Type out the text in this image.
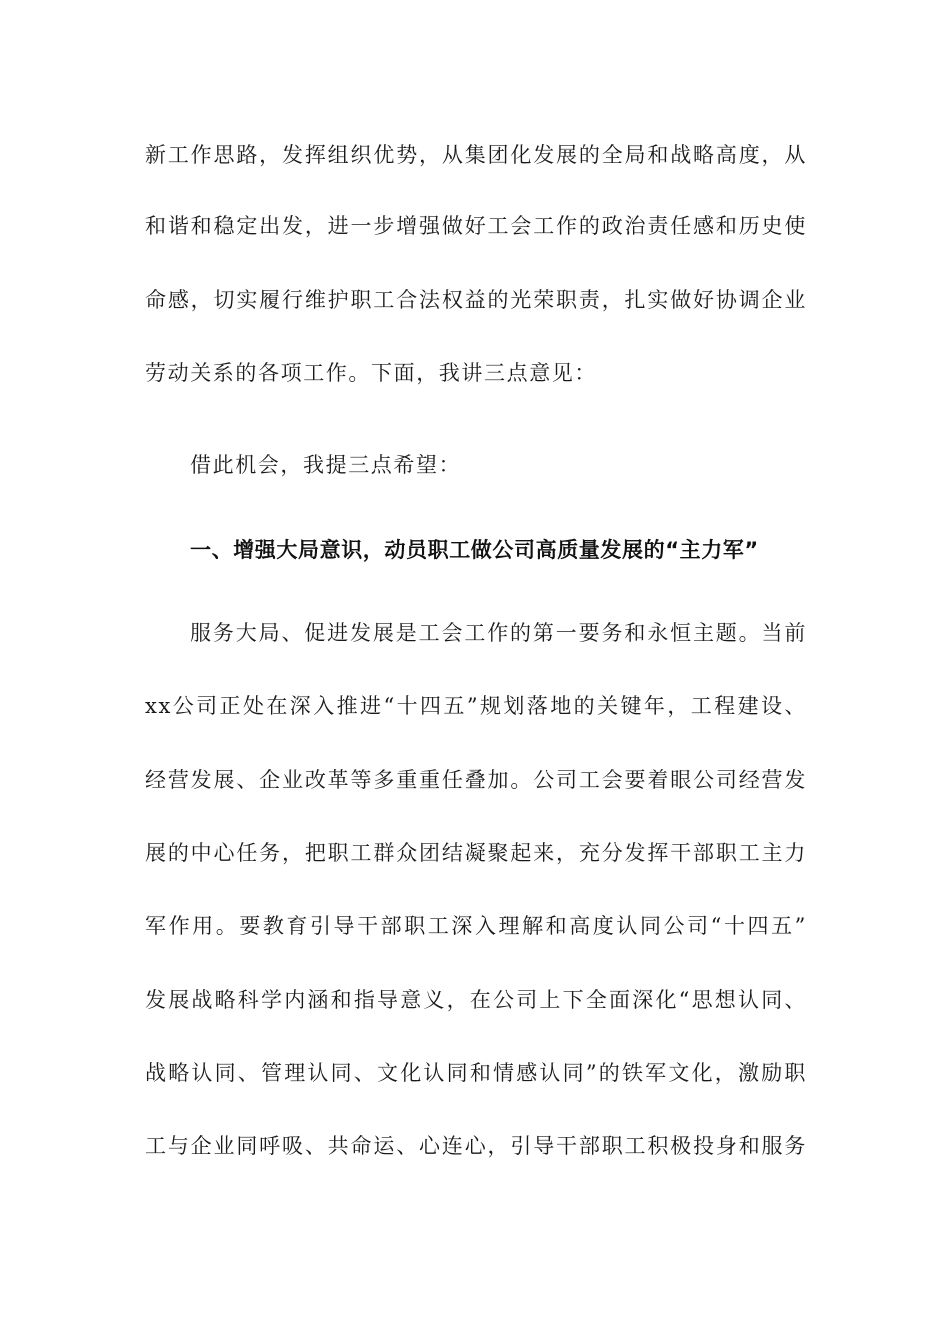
新工作思路，发挥组织优势，从集团化发展的全局和战略高度，从
和谐和稳定出发，进一步增强做好工会工作的政治责任感和历史使
命感，切实履行维护职工合法权益的光荣职责，扎实做好协调企业
劳动关系的各项工作。下面，我讲三点意见：
借此机会，我提三点希望：
一、增强大局意识，动员职工做公司高质量发展的“主力军”
服务大局、促进发展是工会工作的第一要务和永恒主题。当前
xx公司正处在深入推进“十四五”规划落地的关键年，工程建设、
经营发展、企业改革等多重重任叠加。公司工会要着眼公司经营发
展的中心任务，把职工群众团结凝聚起来，充分发挥干部职工主力
军作用。要教育引导干部职工深入理解和高度认同公司“十四五”
发展战略科学内涵和指导意义，在公司上下全面深化“思想认同、
战略认同、管理认同、文化认同和情感认同”的铁军文化，激励职
工与企业同呼吸、共命运、心连心，引导干部职工积极投身和服务
